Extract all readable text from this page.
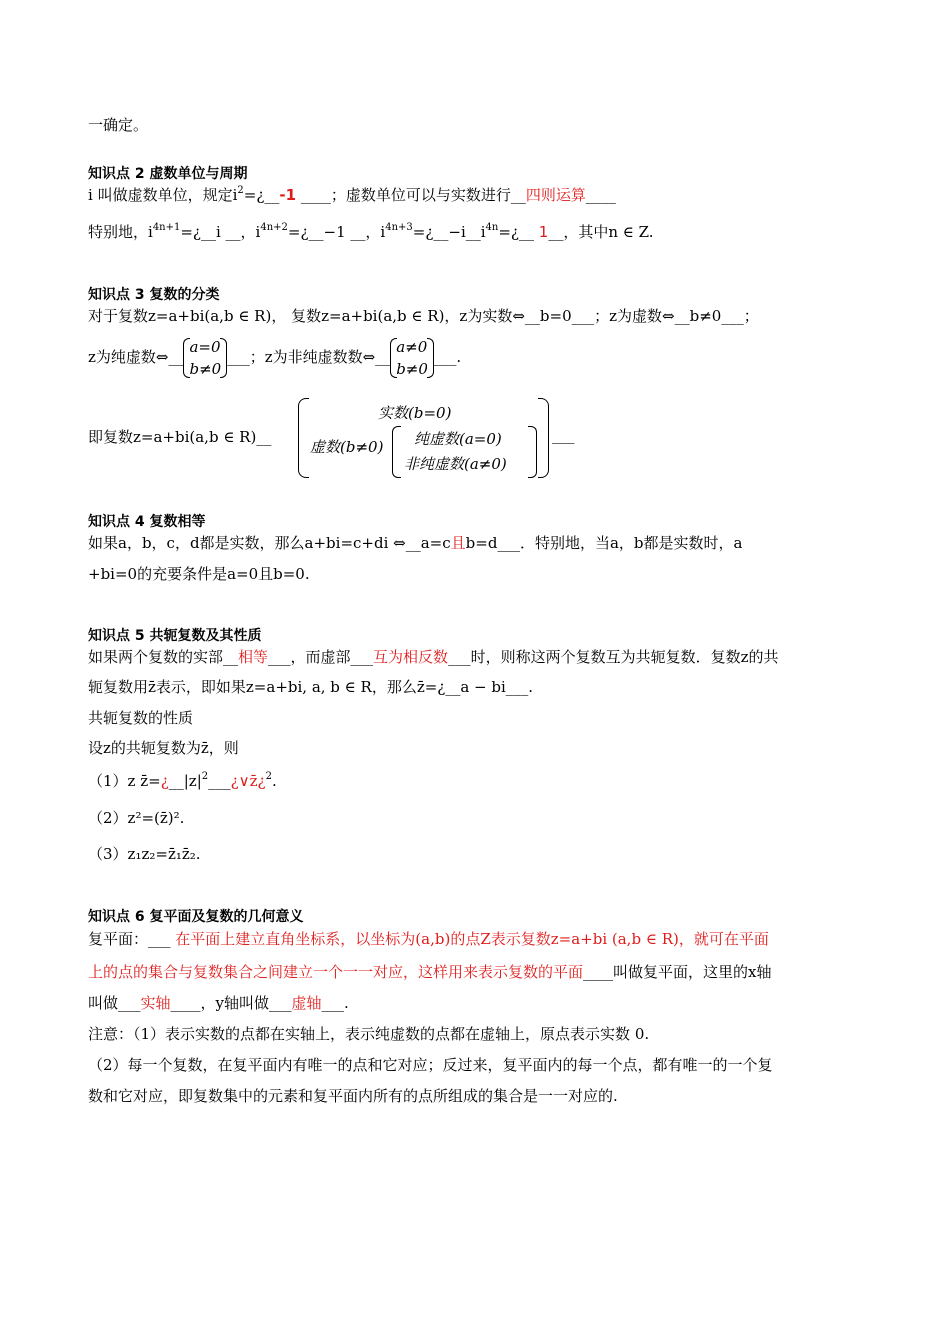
一确定。
知识点 2 虚数单位与周期
i 叫做虚数单位，规定$i^2=¿\_\_-1$ ____；虚数单位可以与实数进行__四则运算____
特别地，$i^{4n+1}=¿\_\_i$ __，$i^{4n+2}=¿\_\_-1$ __，$i^{4n+3}=¿\_\_-i\_\_i^{4n}=¿\_\_$ 1__，其中n ∈ Z.
知识点 3 复数的分类
对于复数z=a+bi(a,b ∈ R)， 复数z=a+bi(a,b ∈ R)，z为实数⇔__b=0___；z为虚数⇔__b≠0___；
z为纯虚数⇔__
a=0
b≠0
___；z为非纯虚数数⇔__
a≠0
b≠0
___.
即复数z=a+bi(a,b ∈ R)__
实数(b=0)
虚数(b≠0) 纯虚数(a=0)
非纯虚数(a≠0)
___
知识点 4 复数相等
如果a，b，c，d都是实数，那么a+bi=c+di ⇔__a=c且b=d___．特别地，当a，b都是实数时，a
+bi=0的充要条件是a=0且b=0.
知识点 5 共轭复数及其性质
如果两个复数的实部__相等___，而虚部___互为相反数___时，则称这两个复数互为共轭复数．复数z的共
轭复数用z̄表示，即如果z=a+bi, a, b ∈ R，那么z̄=¿__a − bi___.
共轭复数的性质
设z的共轭复数为z̄，则
（1）z $z̄=¿\_\_|z|^2\_\_\_¿\vee z̄¿^2$.
（2）z²=(z̄)².
（3）z₁z₂=z̄₁z̄₂.
知识点 6 复平面及复数的几何意义
复平面：___ 在平面上建立直角坐标系，以坐标为(a,b)的点Z表示复数z=a+bi (a,b ∈ R)，就可在平面
上的点的集合与复数集合之间建立一个一一对应，这样用来表示复数的平面____叫做复平面，这里的x轴
叫做___实轴____，y轴叫做___虚轴___.
注意：（1）表示实数的点都在实轴上，表示纯虚数的点都在虚轴上，原点表示实数 0.
（2）每一个复数，在复平面内有唯一的点和它对应；反过来，复平面内的每一个点，都有唯一的一个复
数和它对应，即复数集中的元素和复平面内所有的点所组成的集合是一一对应的.
